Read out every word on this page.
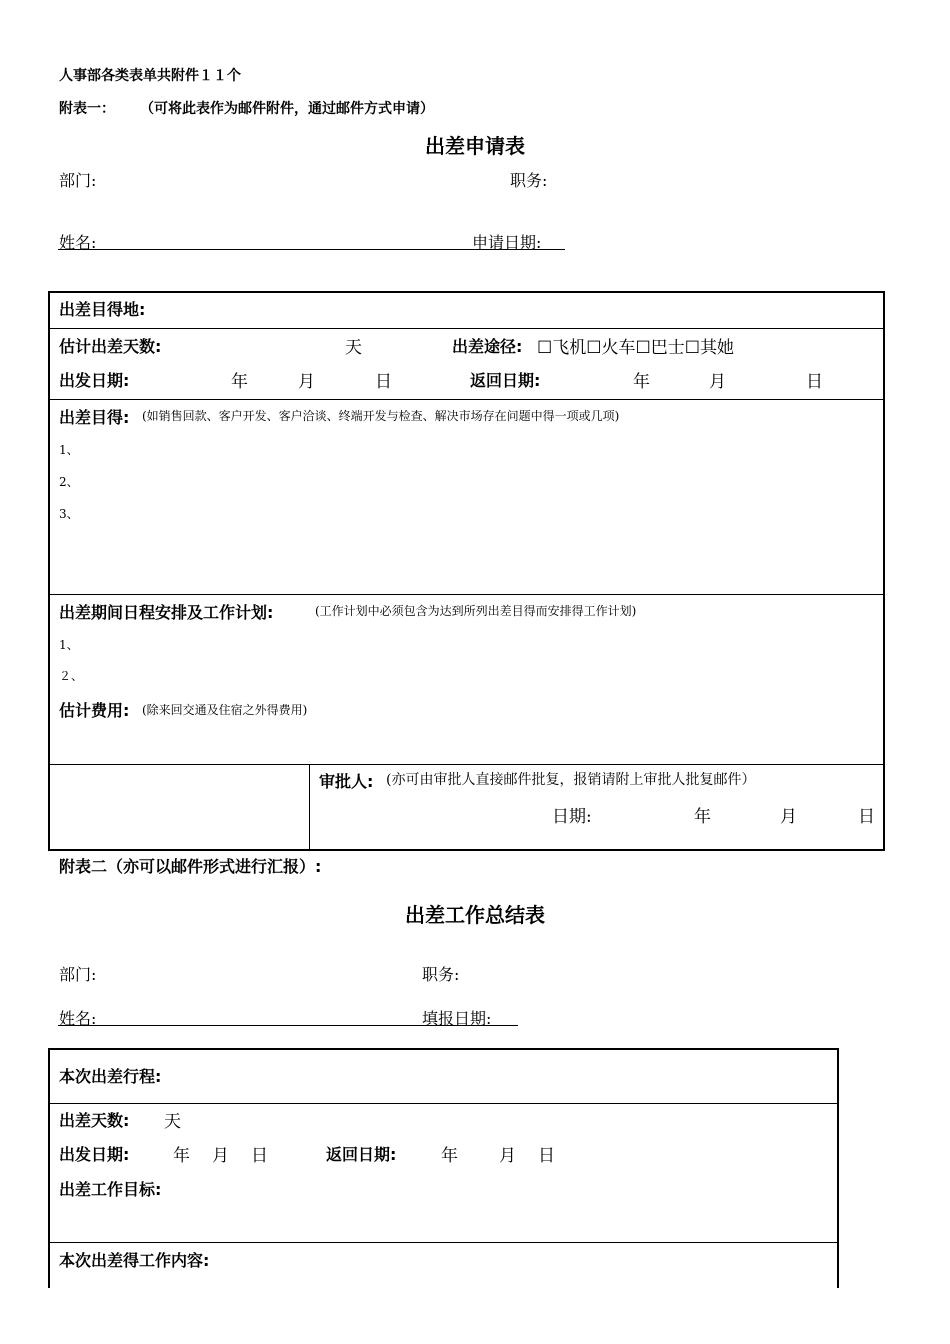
人事部各类表单共附件１１个
附表一： （可将此表作为邮件附件，通过邮件方式申请）
出差申请表
部门:	职务:
姓名:	申请日期:
出差目得地:
估计出差天数:	天	出差途径: ☐飞机☐火车☐巴士☐其她
出发日期:	年	月	日	返回日期:	年	月	日
出差目得: (如销售回款、客户开发、客户洽谈、终端开发与检查、解决市场存在问题中得一项或几项)
1、
2、
3、
出差期间日程安排及工作计划:	(工作计划中必须包含为达到所列出差目得而安排得工作计划)
1、
２、
估计费用: (除来回交通及住宿之外得费用)
审批人: (亦可由审批人直接邮件批复，报销请附上审批人批复邮件）
日期:	年	月	日
附表二（亦可以邮件形式进行汇报）:
出差工作总结表
部门:	职务:
姓名:	填报日期:
本次出差行程:
出差天数: 天
出发日期:	年 月 日	返回日期:	年 月 日
出差工作目标:
本次出差得工作内容:
